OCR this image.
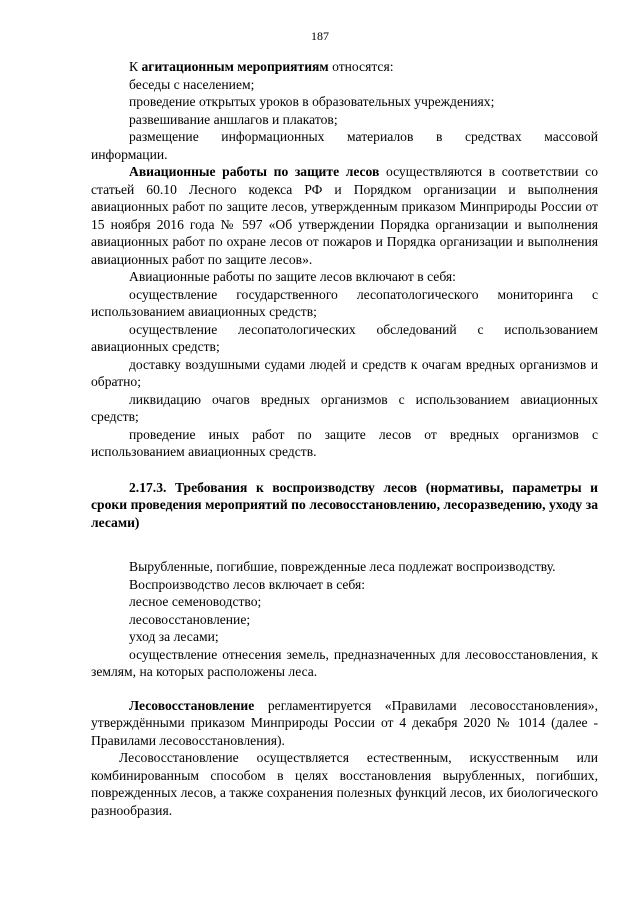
187

К агитационным мероприятиям относятся:

беседы с населением;

проведение открытых уроков в образовательных учреждениях;

развешивание аншлагов и плакатов;

размещение информационных материалов в средствах массовой

информации.

Авиационные работы по защите лесов осуществляются в соответствии со статьей 60.10 Лесного кодекса РФ и Порядком организации и выполнения авиационных работ по защите лесов, утвержденным приказом Минприроды России от 15 ноября 2016 года № 597 «Об утверждении Порядка организации и выполнения авиационных работ по охране лесов от пожаров и Порядка организации и выполнения авиационных работ по защите лесов».

Авиационные работы по защите лесов включают в себя:

осуществление государственного лесопатологического мониторинга с использованием авиационных средств;

осуществление лесопатологических обследований с использованием авиационных средств;

доставку воздушными судами людей и средств к очагам вредных организмов и обратно;

ликвидацию очагов вредных организмов с использованием авиационных средств;

проведение иных работ по защите лесов от вредных организмов с использованием авиационных средств.

2.17.3. Требования к воспроизводству лесов (нормативы, параметры и сроки проведения мероприятий по лесовосстановлению, лесоразведению, уходу за лесами)

Вырубленные, погибшие, поврежденные леса подлежат воспроизводству.

Воспроизводство лесов включает в себя:

лесное семеноводство;

лесовосстановление;

уход за лесами;

осуществление отнесения земель, предназначенных для лесовосстановления, к землям, на которых расположены леса.

Лесовосстановление регламентируется «Правилами лесовосстановления», утверждёнными приказом Минприроды России от 4 декабря 2020 № 1014 (далее - Правилами лесовосстановления).

Лесовосстановление осуществляется естественным, искусственным или комбинированным способом в целях восстановления вырубленных, погибших, поврежденных лесов, а также сохранения полезных функций лесов, их биологического разнообразия.
